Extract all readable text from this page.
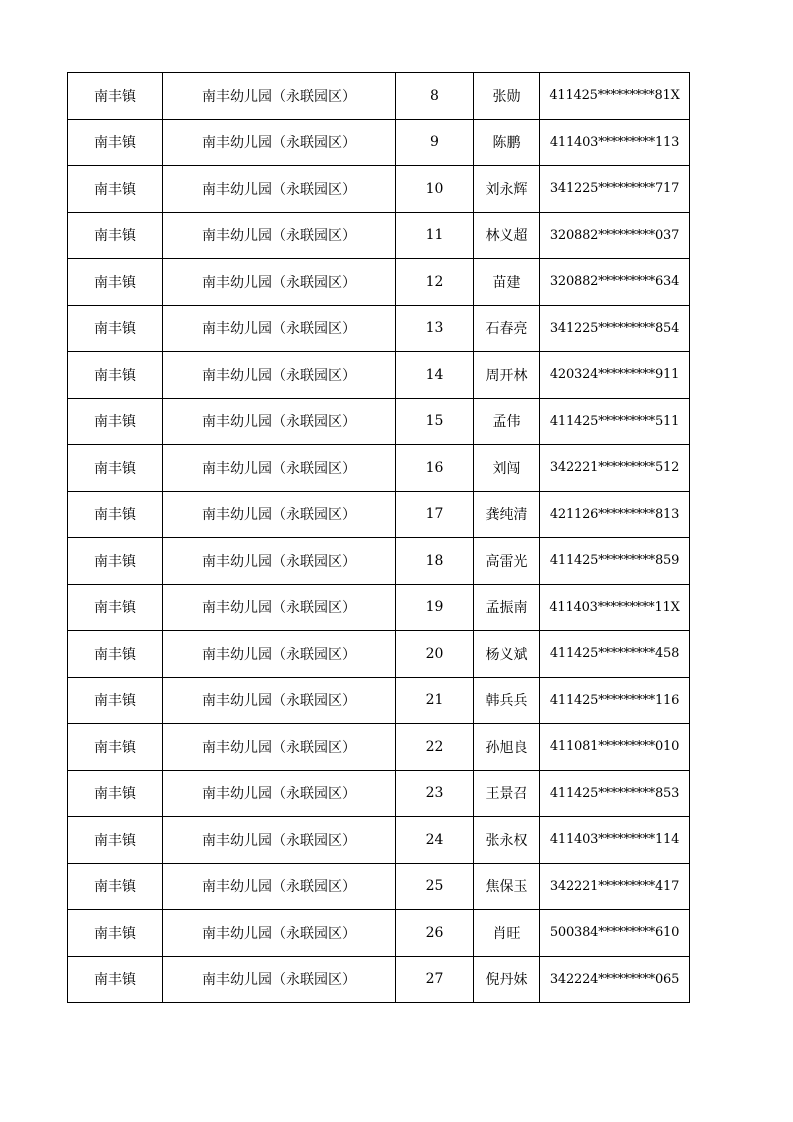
南丰镇	南丰幼儿园（永联园区）	8	张勋	411425*********81X
南丰镇	南丰幼儿园（永联园区）	9	陈鹏	411403*********113
南丰镇	南丰幼儿园（永联园区）	10	刘永辉	341225*********717
南丰镇	南丰幼儿园（永联园区）	11	林义超	320882*********037
南丰镇	南丰幼儿园（永联园区）	12	苗建	320882*********634
南丰镇	南丰幼儿园（永联园区）	13	石春亮	341225*********854
南丰镇	南丰幼儿园（永联园区）	14	周开林	420324*********911
南丰镇	南丰幼儿园（永联园区）	15	孟伟	411425*********511
南丰镇	南丰幼儿园（永联园区）	16	刘闯	342221*********512
南丰镇	南丰幼儿园（永联园区）	17	龚纯清	421126*********813
南丰镇	南丰幼儿园（永联园区）	18	高雷光	411425*********859
南丰镇	南丰幼儿园（永联园区）	19	孟振南	411403*********11X
南丰镇	南丰幼儿园（永联园区）	20	杨义斌	411425*********458
南丰镇	南丰幼儿园（永联园区）	21	韩兵兵	411425*********116
南丰镇	南丰幼儿园（永联园区）	22	孙旭良	411081*********010
南丰镇	南丰幼儿园（永联园区）	23	王景召	411425*********853
南丰镇	南丰幼儿园（永联园区）	24	张永权	411403*********114
南丰镇	南丰幼儿园（永联园区）	25	焦保玉	342221*********417
南丰镇	南丰幼儿园（永联园区）	26	肖旺	500384*********610
南丰镇	南丰幼儿园（永联园区）	27	倪丹妹	342224*********065
